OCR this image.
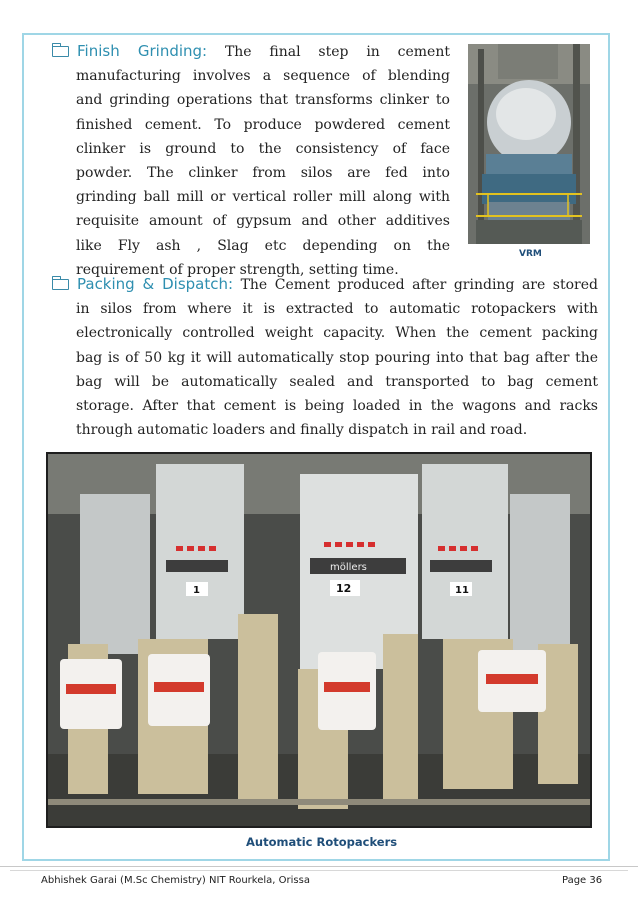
Finish Grinding: The final step in cement
manufacturing involves a sequence of blending
and grinding operations that transforms clinker to
finished cement. To produce powdered cement
clinker is ground to the consistency of face
powder. The clinker from silos are fed into
grinding ball mill or vertical roller mill along with
requisite amount of gypsum and other additives
like Fly ash , Slag etc depending on the
requirement of proper strength, setting time.
VRM
Packing & Dispatch: The Cement produced after grinding are stored
in silos from where it is extracted to automatic rotopackers with
electronically controlled weight capacity. When the cement packing
bag is of 50 kg it will automatically stop pouring into that bag after the
bag will be automatically sealed and transported to bag cement
storage. After that cement is being loaded in the wagons and racks
through automatic loaders and finally dispatch in rail and road.
möllers
1	12	11
Automatic Rotopackers
Abhishek Garai (M.Sc Chemistry) NIT Rourkela, Orissa	Page 36
